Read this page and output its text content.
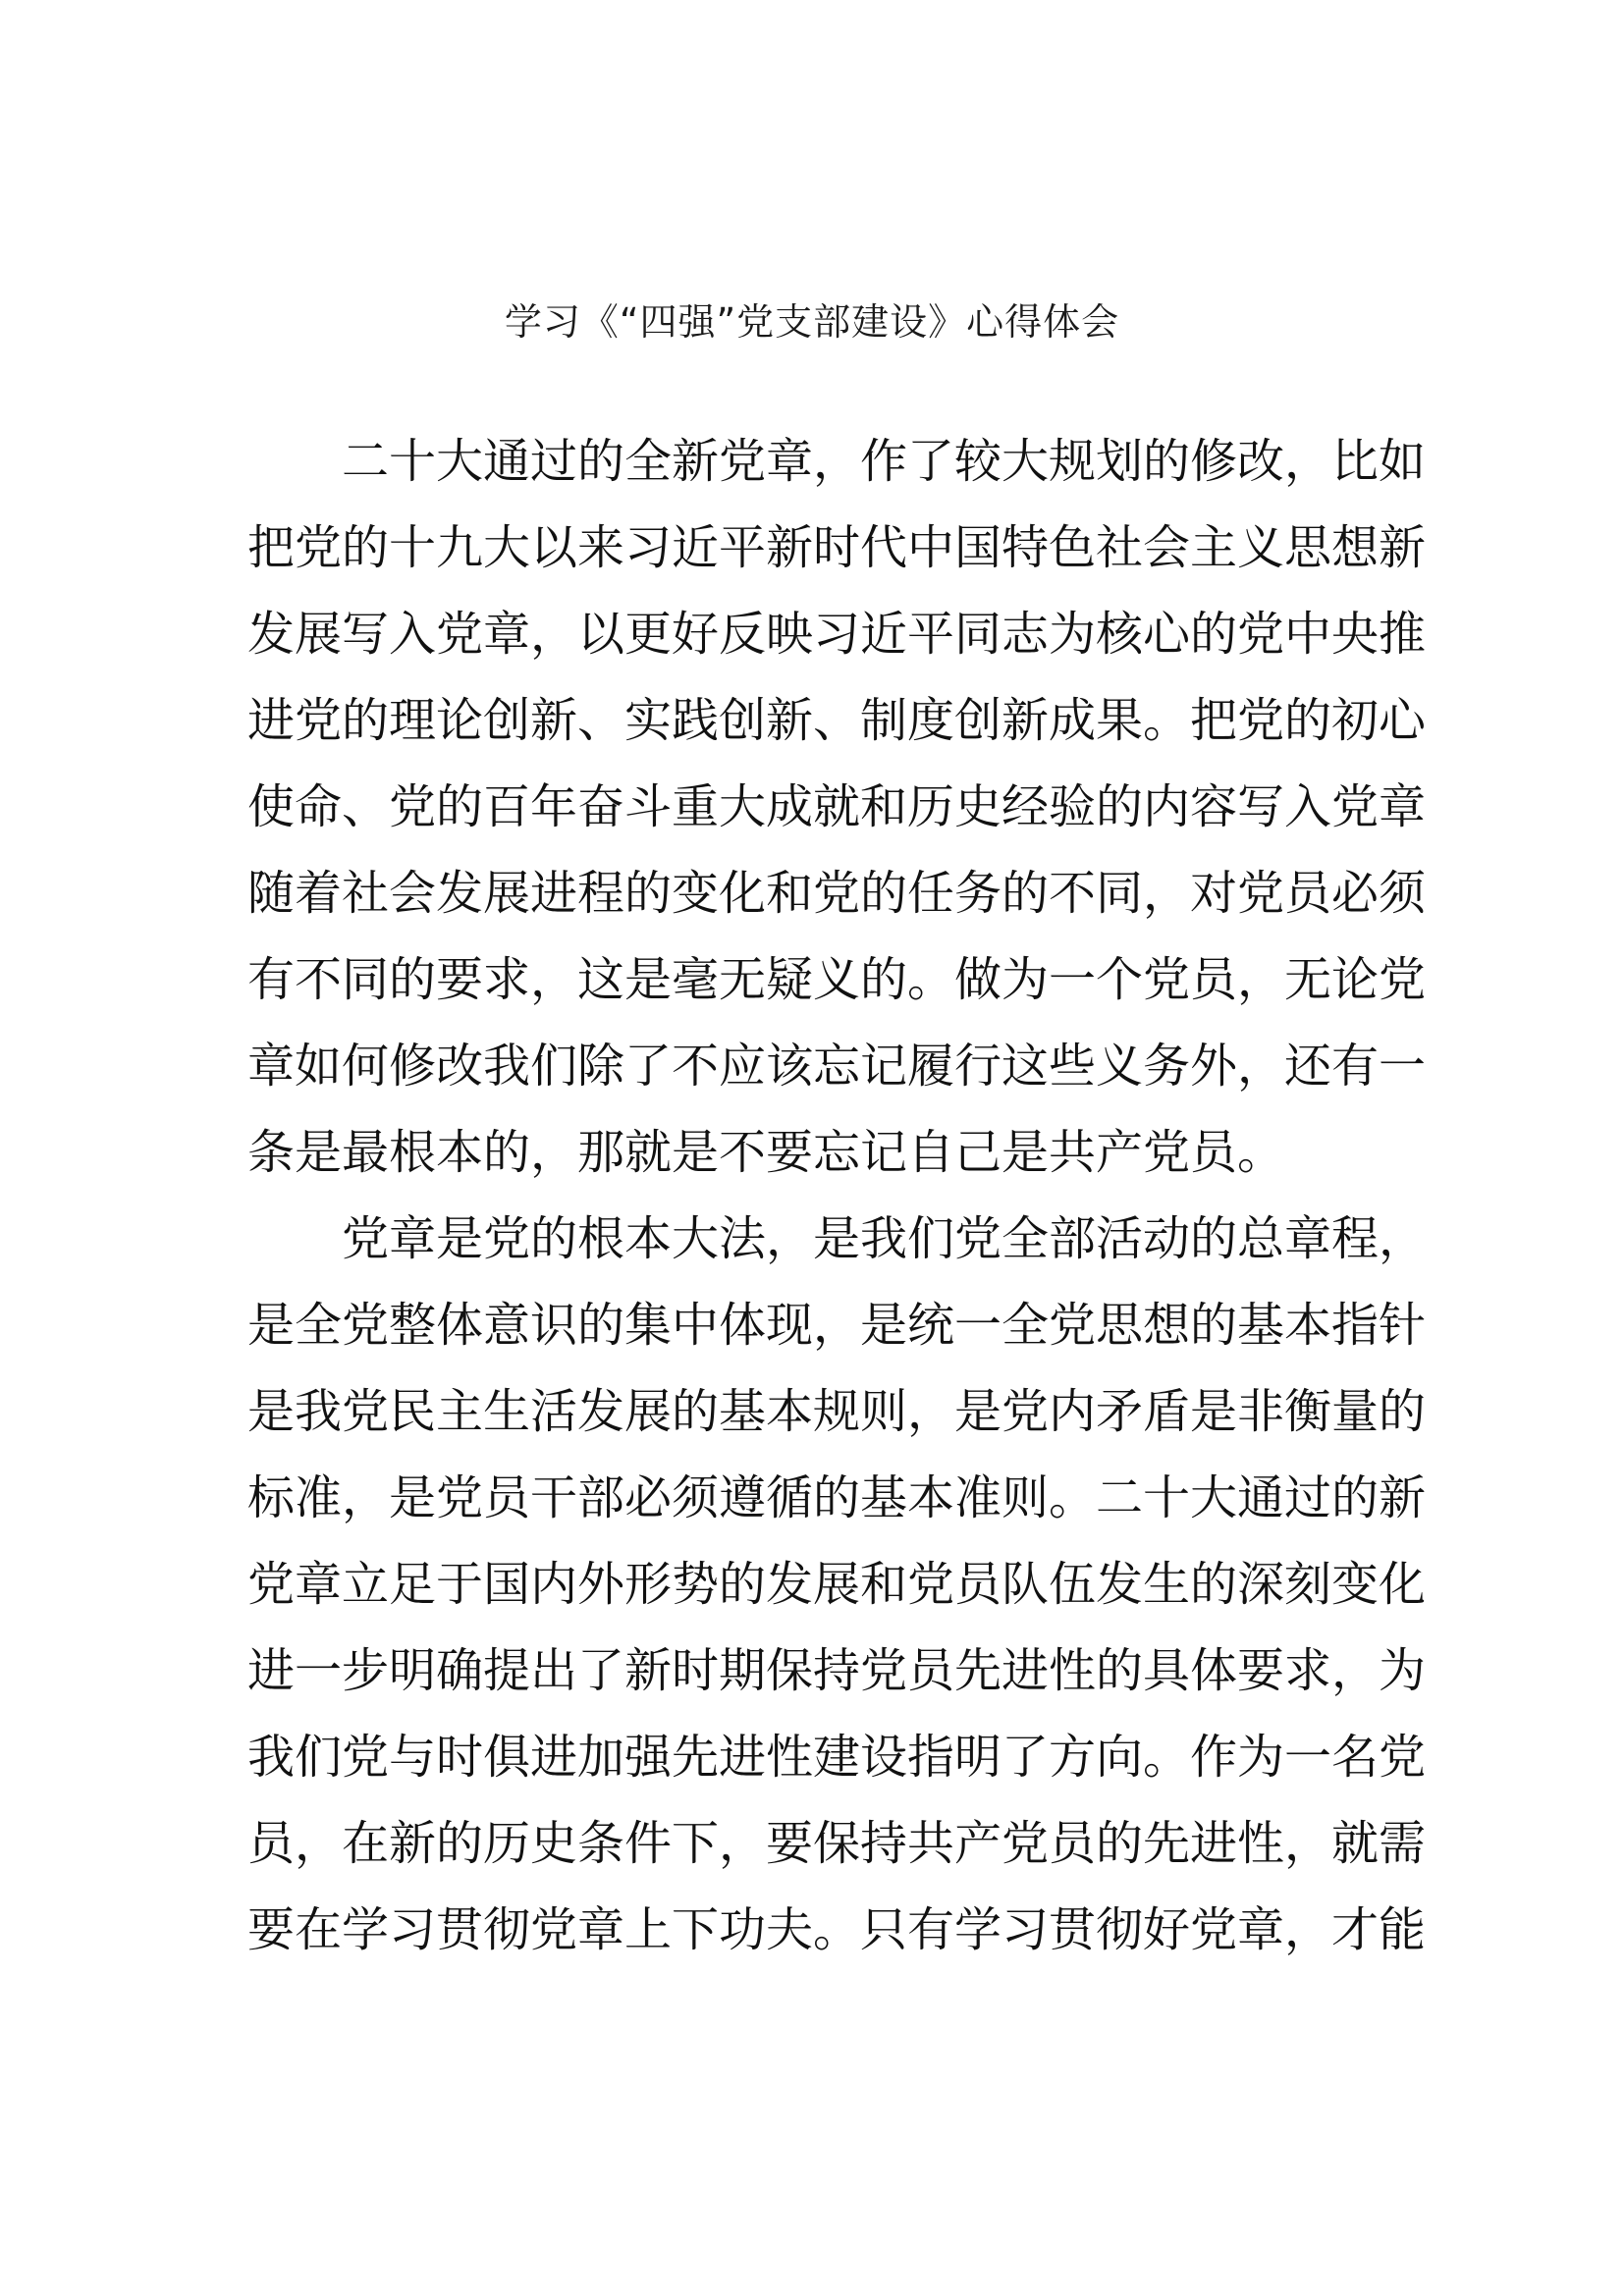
学习《“四强”党支部建设》心得体会
二十大通过的全新党章，作了较大规划的修改，比如
把党的十九大以来习近平新时代中国特色社会主义思想新
发展写入党章，以更好反映习近平同志为核心的党中央推
进党的理论创新、实践创新、制度创新成果。把党的初心
使命、党的百年奋斗重大成就和历史经验的内容写入党章
随着社会发展进程的变化和党的任务的不同，对党员必须
有不同的要求，这是毫无疑义的。做为一个党员，无论党
章如何修改我们除了不应该忘记履行这些义务外，还有一
条是最根本的，那就是不要忘记自己是共产党员。
党章是党的根本大法，是我们党全部活动的总章程，
是全党整体意识的集中体现，是统一全党思想的基本指针
是我党民主生活发展的基本规则，是党内矛盾是非衡量的
标准，是党员干部必须遵循的基本准则。二十大通过的新
党章立足于国内外形势的发展和党员队伍发生的深刻变化
进一步明确提出了新时期保持党员先进性的具体要求，为
我们党与时俱进加强先进性建设指明了方向。作为一名党
员，在新的历史条件下，要保持共产党员的先进性，就需
要在学习贯彻党章上下功夫。只有学习贯彻好党章，才能
